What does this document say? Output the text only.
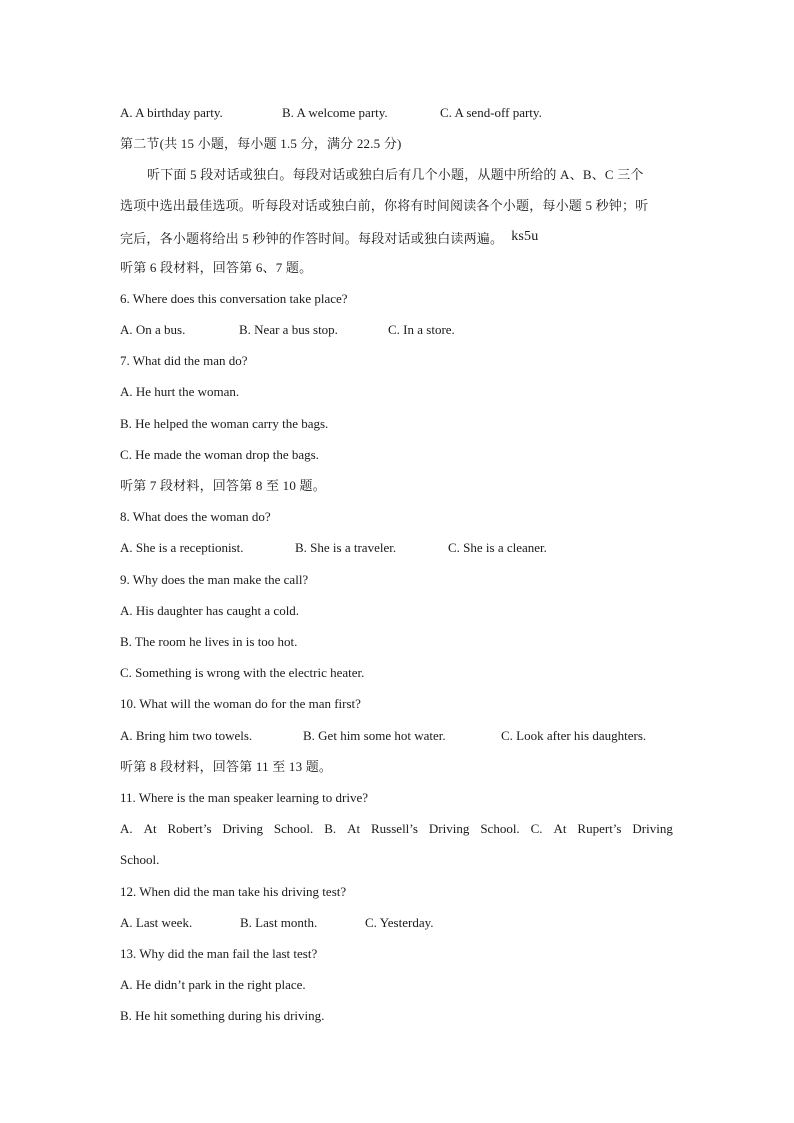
A. A birthday party.	B. A welcome party.	C. A send-off party.
第二节(共 15 小题，每小题 1.5 分，满分 22.5 分)
听下面 5 段对话或独白。每段对话或独白后有几个小题，从题中所给的 A、B、C 三个
选项中选出最佳选项。听每段对话或独白前，你将有时间阅读各个小题，每小题 5 秒钟；听
完后，各小题将给出 5 秒钟的作答时间。每段对话或独白读两遍。 ks5u
听第 6 段材料，回答第 6、7 题。
6. Where does this conversation take place?
A. On a bus.	B. Near a bus stop.	C. In a store.
7. What did the man do?
A. He hurt the woman.
B. He helped the woman carry the bags.
C. He made the woman drop the bags.
听第 7 段材料，回答第 8 至 10 题。
8. What does the woman do?
A. She is a receptionist.	B. She is a traveler.	C. She is a cleaner.
9. Why does the man make the call?
A. His daughter has caught a cold.
B. The room he lives in is too hot.
C. Something is wrong with the electric heater.
10. What will the woman do for the man first?
A. Bring him two towels.	B. Get him some hot water.	C. Look after his daughters.
听第 8 段材料，回答第 11 至 13 题。
11. Where is the man speaker learning to drive?
A. At Robert’s Driving School. B. At Russell’s Driving School. C. At Rupert’s Driving
School.
12. When did the man take his driving test?
A. Last week.	B. Last month.	C. Yesterday.
13. Why did the man fail the last test?
A. He didn’t park in the right place.
B. He hit something during his driving.
